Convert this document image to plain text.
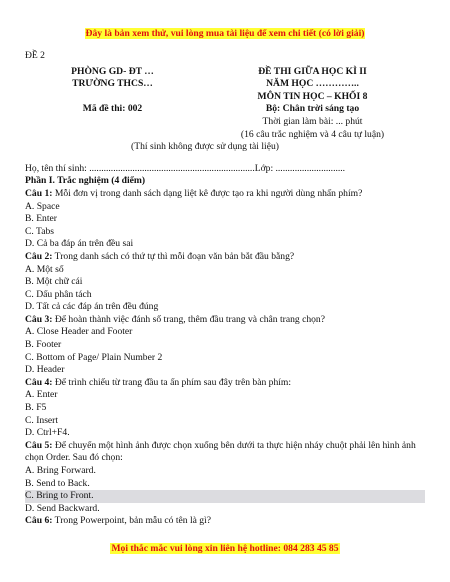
Đây là bản xem thử, vui lòng mua tài liệu để xem chi tiết (có lời giải)
ĐỀ 2
PHÒNG GD- ĐT …
TRƯỜNG THCS…
Mã đề thi: 002
ĐỀ THI GIỮA HỌC KÌ II
NĂM HỌC …………..
MÔN TIN HỌC – KHỐI 8
Bộ: Chân trời sáng tạo
Thời gian làm bài: ... phút
(16 câu trắc nghiệm và 4 câu tự luận)
(Thí sinh không được sử dụng tài liệu)
Họ, tên thí sinh: .....................................................................Lớp: .............................
Phần I. Trắc nghiệm (4 điểm)
Câu 1: Mỗi đơn vị trong danh sách dạng liệt kê được tạo ra khi người dùng nhấn phím?
A. Space
B. Enter
C. Tabs
D. Cả ba đáp án trên đều sai
Câu 2: Trong danh sách có thứ tự thì mỗi đoạn văn bản bắt đầu bằng?
A. Một số
B. Một chữ cái
C. Dấu phân tách
D. Tất cả các đáp án trên đều đúng
Câu 3: Để hoàn thành việc đánh số trang, thêm đầu trang và chân trang chọn?
A. Close Header and Footer
B. Footer
C. Bottom of Page/ Plain Number 2
D. Header
Câu 4: Để trình chiếu từ trang đầu ta ấn phím sau đây trên bàn phím:
A. Enter
B. F5
C. Insert
D. Ctrl+F4.
Câu 5: Để chuyển một hình ảnh được chọn xuống bên dưới ta thực hiện nháy chuột phải lên hình ảnh chọn Order. Sau đó chọn:
A. Bring Forward.
B. Send to Back.
C. Bring to Front.
D. Send Backward.
Câu 6: Trong Powerpoint, bản mẫu có tên là gì?
Mọi thắc mắc vui lòng xin liên hệ hotline: 084 283 45 85
